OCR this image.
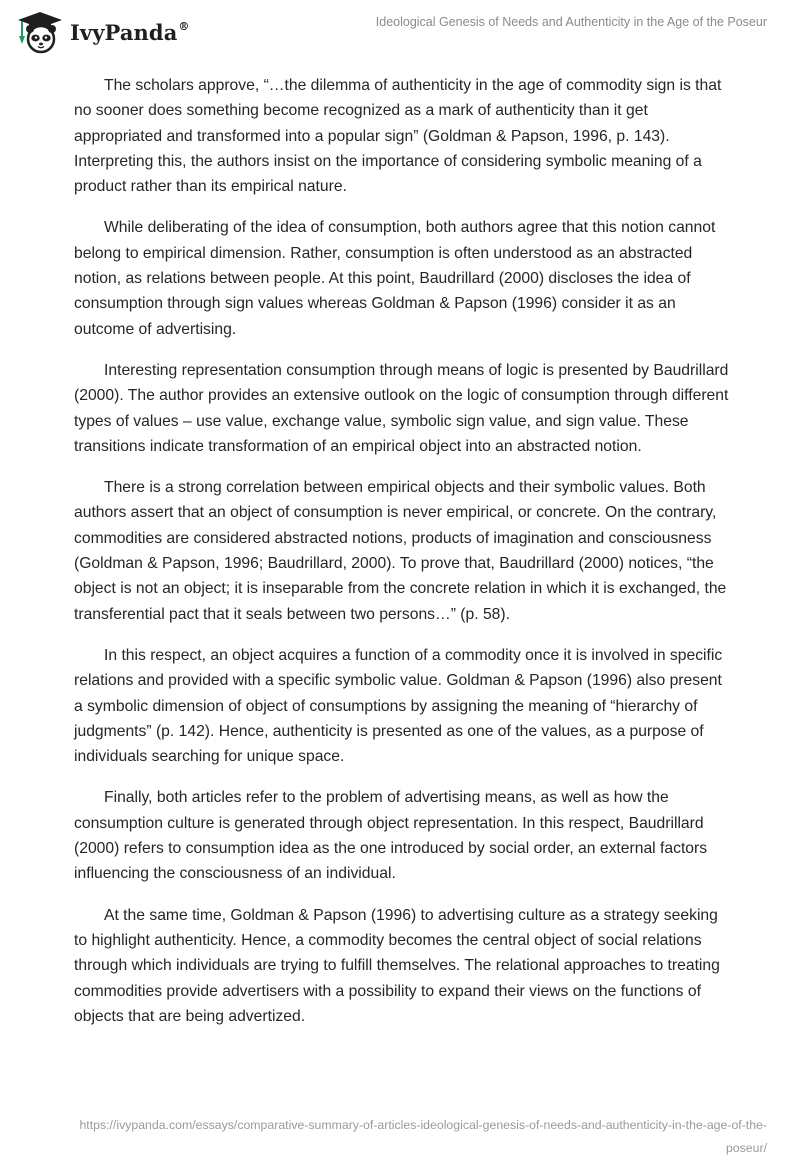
IvyPanda®	Ideological Genesis of Needs and Authenticity in the Age of the Poseur

The scholars approve, “…the dilemma of authenticity in the age of commodity sign is that no sooner does something become recognized as a mark of authenticity than it get appropriated and transformed into a popular sign” (Goldman & Papson, 1996, p. 143). Interpreting this, the authors insist on the importance of considering symbolic meaning of a product rather than its empirical nature.

While deliberating of the idea of consumption, both authors agree that this notion cannot belong to empirical dimension. Rather, consumption is often understood as an abstracted notion, as relations between people. At this point, Baudrillard (2000) discloses the idea of consumption through sign values whereas Goldman & Papson (1996) consider it as an outcome of advertising.

Interesting representation consumption through means of logic is presented by Baudrillard (2000). The author provides an extensive outlook on the logic of consumption through different types of values – use value, exchange value, symbolic sign value, and sign value. These transitions indicate transformation of an empirical object into an abstracted notion.

There is a strong correlation between empirical objects and their symbolic values. Both authors assert that an object of consumption is never empirical, or concrete. On the contrary, commodities are considered abstracted notions, products of imagination and consciousness (Goldman & Papson, 1996; Baudrillard, 2000). To prove that, Baudrillard (2000) notices, “the object is not an object; it is inseparable from the concrete relation in which it is exchanged, the transferential pact that it seals between two persons…” (p. 58).

In this respect, an object acquires a function of a commodity once it is involved in specific relations and provided with a specific symbolic value. Goldman & Papson (1996) also present a symbolic dimension of object of consumptions by assigning the meaning of “hierarchy of judgments” (p. 142). Hence, authenticity is presented as one of the values, as a purpose of individuals searching for unique space.

Finally, both articles refer to the problem of advertising means, as well as how the consumption culture is generated through object representation. In this respect, Baudrillard (2000) refers to consumption idea as the one introduced by social order, an external factors influencing the consciousness of an individual.

At the same time, Goldman & Papson (1996) to advertising culture as a strategy seeking to highlight authenticity. Hence, a commodity becomes the central object of social relations through which individuals are trying to fulfill themselves. The relational approaches to treating commodities provide advertisers with a possibility to expand their views on the functions of objects that are being advertized.

https://ivypanda.com/essays/comparative-summary-of-articles-ideological-genesis-of-needs-and-authenticity-in-the-age-of-the-poseur/
